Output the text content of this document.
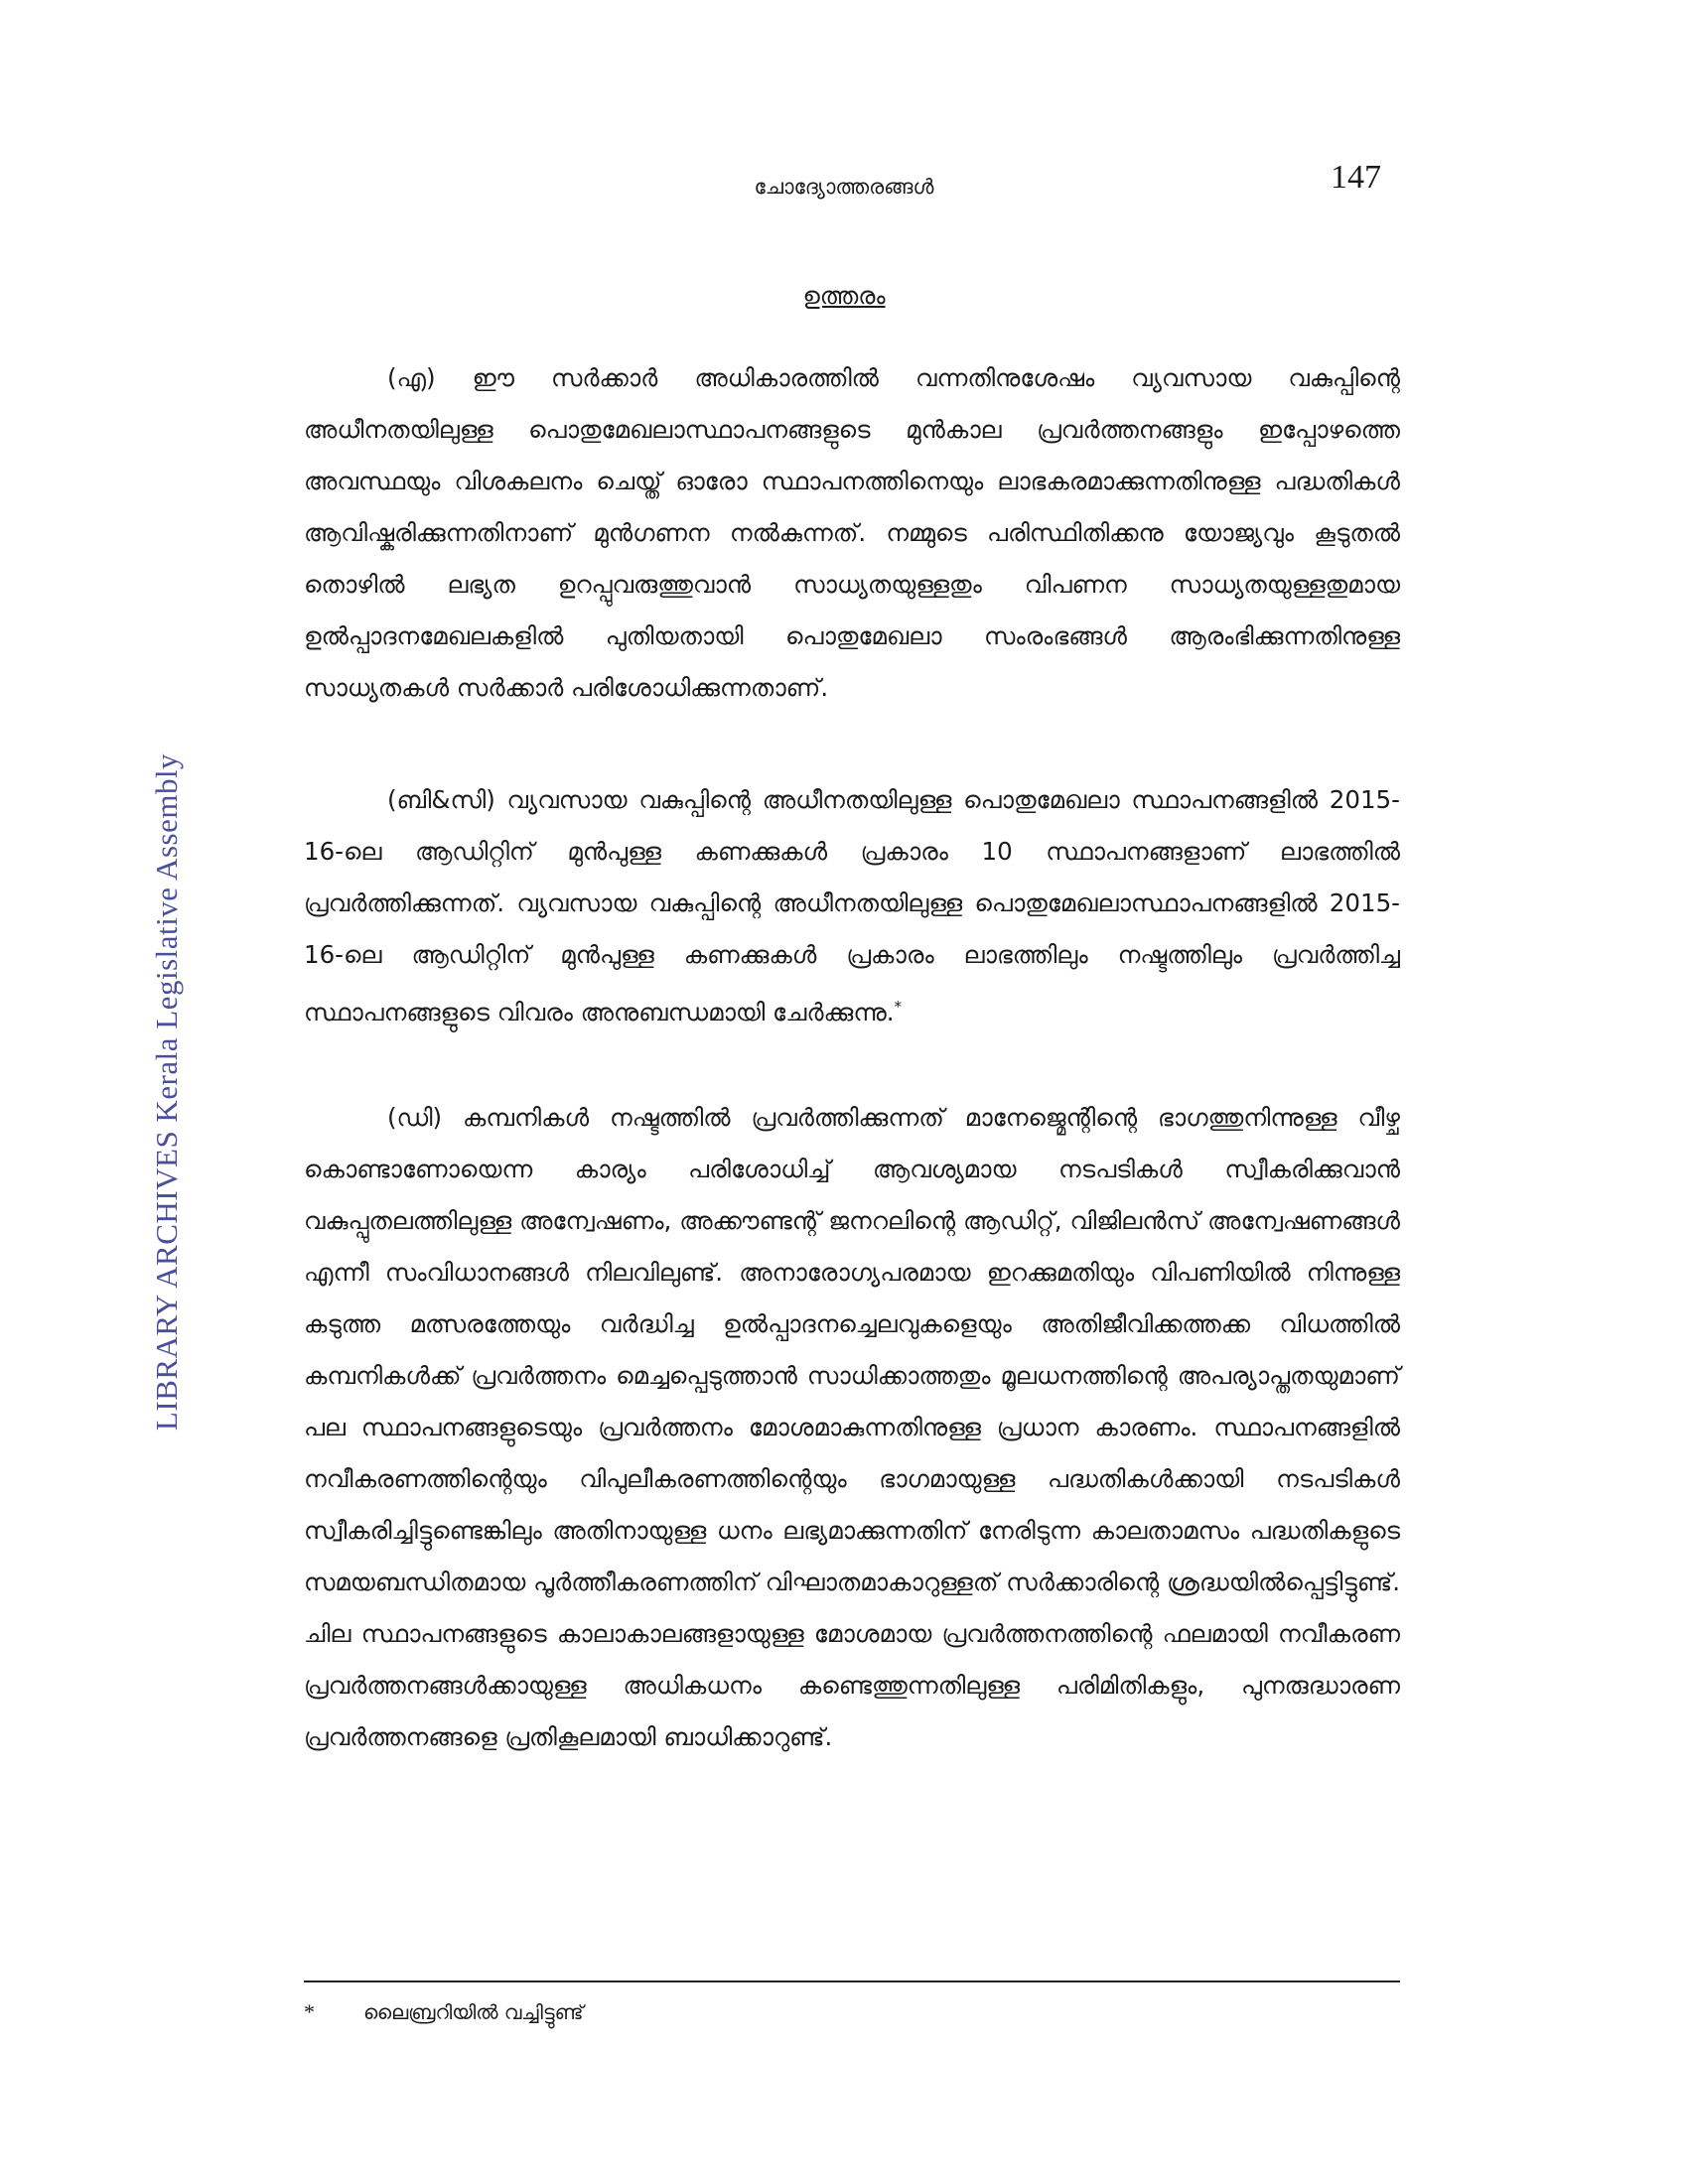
LIBRARY ARCHIVES Kerala Legislative Assembly
ചോദ്യോത്തരങ്ങൾ	147
ഉത്തരം

(എ) ഈ സർക്കാർ അധികാരത്തിൽ വന്നതിനുശേഷം വ്യവസായ വകുപ്പിന്റെ അധീനതയിലുള്ള പൊതുമേഖലാസ്ഥാപനങ്ങളുടെ മുൻകാല പ്രവർത്തനങ്ങളും ഇപ്പോഴത്തെ അവസ്ഥയും വിശകലനം ചെയ്ത് ഓരോ സ്ഥാപനത്തിനെയും ലാഭകരമാക്കുന്നതിനുള്ള പദ്ധതികൾ ആവിഷ്കരിക്കുന്നതിനാണ് മുൻഗണന നൽകുന്നത്. നമ്മുടെ പരിസ്ഥിതിക്കനു യോജ്യവും കൂടുതൽ തൊഴിൽ ലഭ്യത ഉറപ്പുവരുത്തുവാൻ സാധ്യതയുള്ളതും വിപണന സാധ്യതയുള്ളതുമായ ഉൽപ്പാദനമേഖലകളിൽ പുതിയതായി പൊതുമേഖലാ സംരംഭങ്ങൾ ആരംഭിക്കുന്നതിനുള്ള സാധ്യതകൾ സർക്കാർ പരിശോധിക്കുന്നതാണ്.

(ബി&സി) വ്യവസായ വകുപ്പിന്റെ അധീനതയിലുള്ള പൊതുമേഖലാ സ്ഥാപനങ്ങളിൽ 2015-16-ലെ ആഡിറ്റിന് മുൻപുള്ള കണക്കുകൾ പ്രകാരം 10 സ്ഥാപനങ്ങളാണ് ലാഭത്തിൽ പ്രവർത്തിക്കുന്നത്. വ്യവസായ വകുപ്പിന്റെ അധീനതയിലുള്ള പൊതുമേഖലാസ്ഥാപനങ്ങളിൽ 2015-16-ലെ ആഡിറ്റിന് മുൻപുള്ള കണക്കുകൾ പ്രകാരം ലാഭത്തിലും നഷ്ടത്തിലും പ്രവർത്തിച്ച സ്ഥാപനങ്ങളുടെ വിവരം അനുബന്ധമായി ചേർക്കുന്നു.*

(ഡി) കമ്പനികൾ നഷ്ടത്തിൽ പ്രവർത്തിക്കുന്നത് മാനേജ്മെന്റിന്റെ ഭാഗത്തുനിന്നുള്ള വീഴ്ച കൊണ്ടാണോയെന്ന കാര്യം പരിശോധിച്ച് ആവശ്യമായ നടപടികൾ സ്വീകരിക്കുവാൻ വകുപ്പുതലത്തിലുള്ള അന്വേഷണം, അക്കൗണ്ടന്റ് ജനറലിന്റെ ആഡിറ്റ്, വിജിലൻസ് അന്വേഷണങ്ങൾ എന്നീ സംവിധാനങ്ങൾ നിലവിലുണ്ട്. അനാരോഗ്യപരമായ ഇറക്കുമതിയും വിപണിയിൽ നിന്നുള്ള കടുത്ത മത്സരത്തേയും വർദ്ധിച്ച ഉൽപ്പാദനച്ചെലവുകളെയും അതിജീവിക്കത്തക്ക വിധത്തിൽ കമ്പനികൾക്ക് പ്രവർത്തനം മെച്ചപ്പെടുത്താൻ സാധിക്കാത്തതും മൂലധനത്തിന്റെ അപര്യാപ്തതയുമാണ് പല സ്ഥാപനങ്ങളുടെയും പ്രവർത്തനം മോശമാകുന്നതിനുള്ള പ്രധാന കാരണം. സ്ഥാപനങ്ങളിൽ നവീകരണത്തിന്റെയും വിപുലീകരണത്തിന്റെയും ഭാഗമായുള്ള പദ്ധതികൾക്കായി നടപടികൾ സ്വീകരിച്ചിട്ടുണ്ടെങ്കിലും അതിനായുള്ള ധനം ലഭ്യമാക്കുന്നതിന് നേരിടുന്ന കാലതാമസം പദ്ധതികളുടെ സമയബന്ധിതമായ പൂർത്തീകരണത്തിന് വിഘാതമാകാറുള്ളത് സർക്കാരിന്റെ ശ്രദ്ധയിൽപ്പെട്ടിട്ടുണ്ട്. ചില സ്ഥാപനങ്ങളുടെ കാലാകാലങ്ങളായുള്ള മോശമായ പ്രവർത്തനത്തിന്റെ ഫലമായി നവീകരണ പ്രവർത്തനങ്ങൾക്കായുള്ള അധികധനം കണ്ടെത്തുന്നതിലുള്ള പരിമിതികളും, പുനരുദ്ധാരണ പ്രവർത്തനങ്ങളെ പ്രതികൂലമായി ബാധിക്കാറുണ്ട്.

* ലൈബ്രറിയിൽ വച്ചിട്ടുണ്ട്
